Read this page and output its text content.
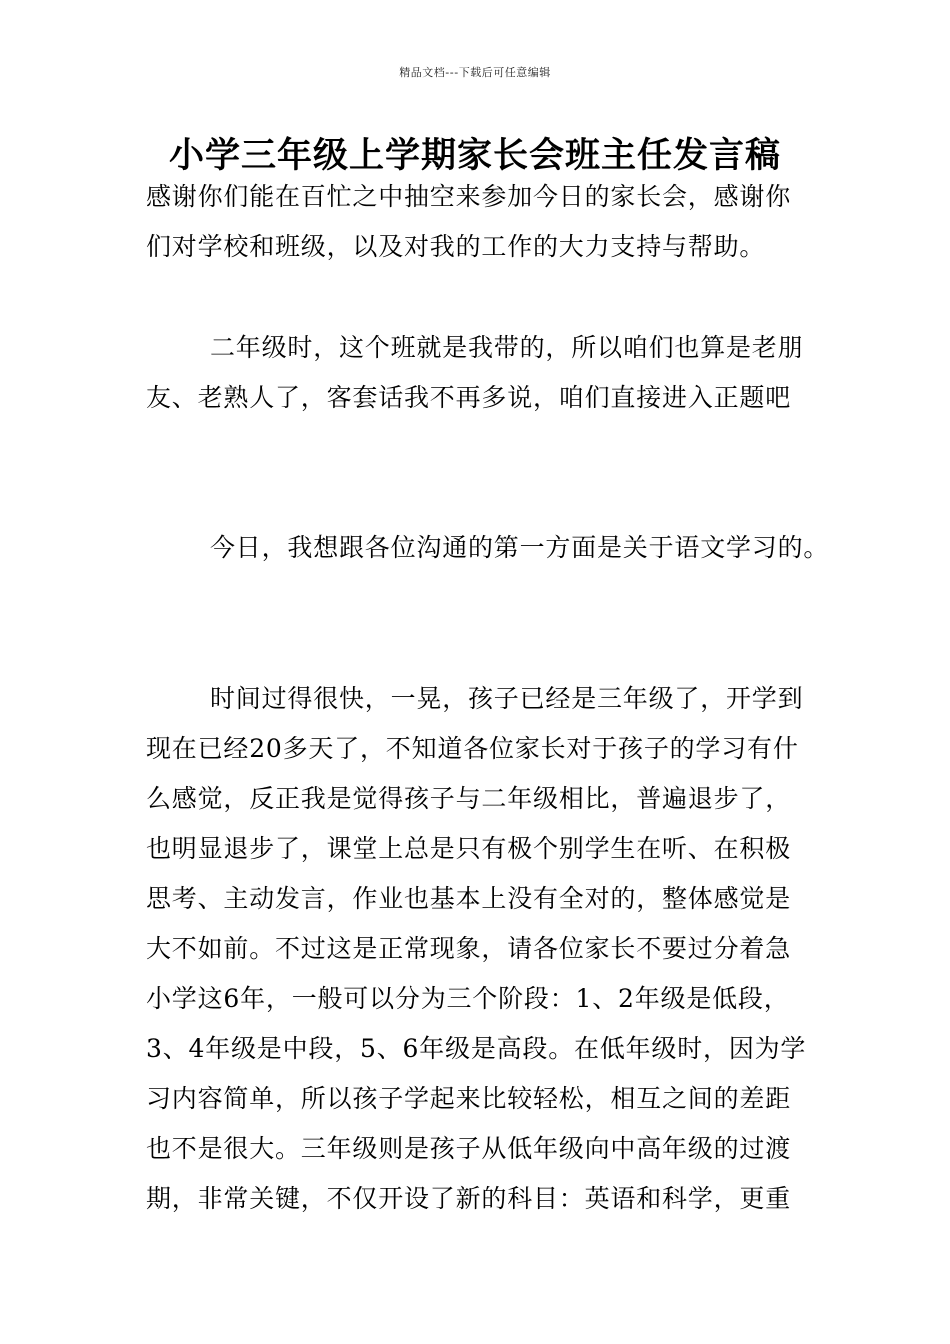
精品文档---下载后可任意编辑
小学三年级上学期家长会班主任发言稿
感谢你们能在百忙之中抽空来参加今日的家长会，感谢你
们对学校和班级，以及对我的工作的大力支持与帮助。
二年级时，这个班就是我带的，所以咱们也算是老朋
友、老熟人了，客套话我不再多说，咱们直接进入正题吧
今日，我想跟各位沟通的第一方面是关于语文学习的。
时间过得很快，一晃，孩子已经是三年级了，开学到
现在已经20多天了，不知道各位家长对于孩子的学习有什
么感觉，反正我是觉得孩子与二年级相比，普遍退步了，
也明显退步了，课堂上总是只有极个别学生在听、在积极
思考、主动发言，作业也基本上没有全对的，整体感觉是
大不如前。不过这是正常现象，请各位家长不要过分着急
小学这6年，一般可以分为三个阶段：1、2年级是低段，
3、4年级是中段，5、6年级是高段。在低年级时，因为学
习内容简单，所以孩子学起来比较轻松，相互之间的差距
也不是很大。三年级则是孩子从低年级向中高年级的过渡
期，非常关键，不仅开设了新的科目：英语和科学，更重
